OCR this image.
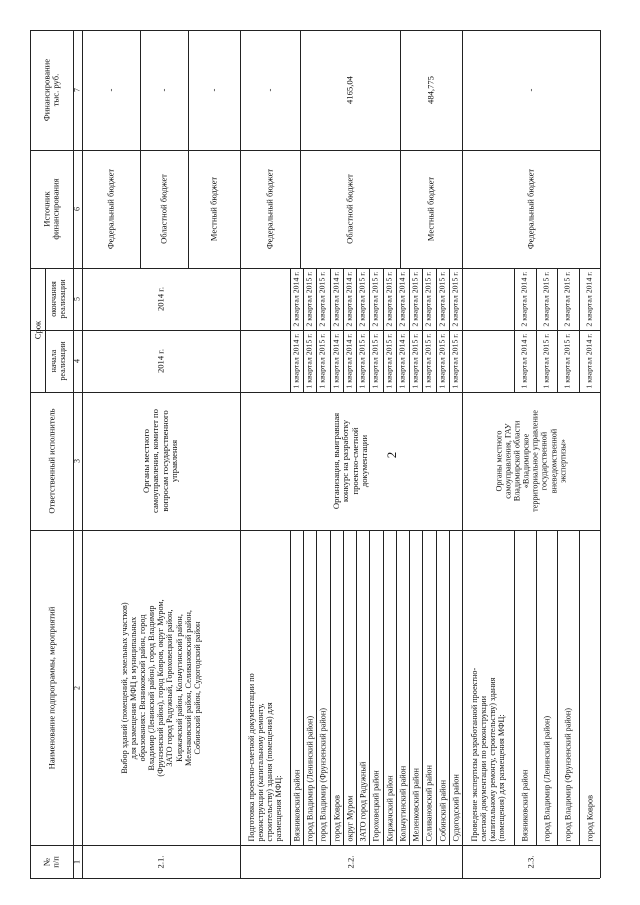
2
№
п/п
Наименование подпрограммы, мероприятий
Ответственный исполнитель
Срок
начала
реализации
окончания
реализации
Источник
финансирования
Финансирование
тыс. руб.
1
2
3
4
5
6
7
2.1.
Выбор зданий (помещений, земельных участков)
для размещения МФЦ в муниципальных
образованиях: Вязниковский район, город
Владимир (Ленинский район), город Владимир
(Фрунзенский район), город Ковров, округ Муром,
ЗАТО город Радужный, Гороховецкий район,
Киржачский район, Кольчугинский район,
Меленковский район, Селивановский район,
Собинский район, Судогодский район
Органы местного
самоуправления, комитет по
вопросам государственного
управления
2014 г.
2014 г.
Федеральный бюджет
-
Областной бюджет
-
Местный бюджет
-
2.2.
Подготовка проектно-сметной документации по
реконструкции (капитальному ремонту,
строительству) здания (помещения) для
размещения МФЦ: Вязниковский район
1 квартал 2014 г.
2 квартал 2014 г.
город Владимир (Ленинский район)
1 квартал 2015 г.
2 квартал 2015 г.
город Владимир (Фрунзенский район)
1 квартал 2015 г.
2 квартал 2015 г.
город Ковров
1 квартал 2014 г.
2 квартал 2014 г.
округ Муром
1 квартал 2014 г.
2 квартал 2014 г.
ЗАТО город Радужный
1 квартал 2015 г.
2 квартал 2015 г.
Гороховецкий район
1 квартал 2015 г.
2 квартал 2015 г.
Киржачский район
1 квартал 2015 г.
2 квартал 2015 г.
Кольчугинский район
1 квартал 2014 г.
2 квартал 2014 г.
Меленковский район
1 квартал 2015 г.
2 квартал 2015 г.
Селивановский район
1 квартал 2015 г.
2 квартал 2015 г.
Собинский район
1 квартал 2015 г.
2 квартал 2015 г.
Судогодский район
1 квартал 2015 г.
2 квартал 2015 г.
Организация, выигравшая
конкурс на разработку
проектно-сметной
документации
Федеральный бюджет
-
Областной бюджет
4165,04
Местный бюджет
484,775
2.3.
Проведение экспертизы разработанной проектно-
сметной документации по реконструкции
(капитальному ремонту, строительству) здания
(помещения) для размещения МФЦ:
Вязниковский район
1 квартал 2014 г.
2 квартал 2014 г.
город Владимир (Ленинский район)
1 квартал 2015 г.
2 квартал 2015 г.
город Владимир (Фрунзенский район)
1 квартал 2015 г.
2 квартал 2015 г.
город Ковров
1 квартал 2014 г.
2 квартал 2014 г.
Органы местного
самоуправления, ГАУ
Владимирской области
«Владимирское
территориальное управление
государственной
вневедомственной
экспертизы»
Федеральный бюджет
-
